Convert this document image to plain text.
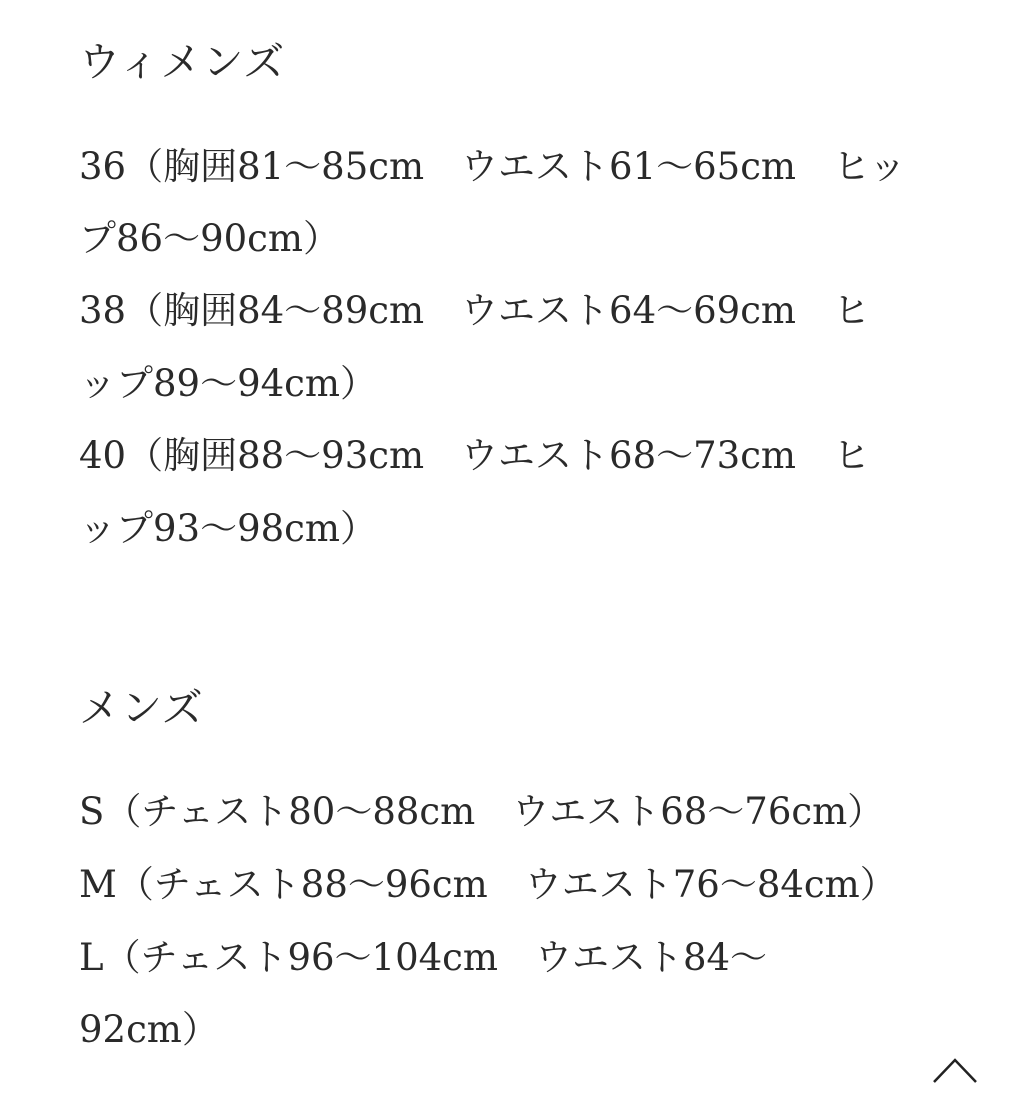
ウィメンズ
36（胸囲81〜85cm　ウエスト61〜65cm　ヒッ
プ86〜90cm）
38（胸囲84〜89cm　ウエスト64〜69cm　ヒ
ップ89〜94cm）
40（胸囲88〜93cm　ウエスト68〜73cm　ヒ
ップ93〜98cm）
メンズ
S（チェスト80〜88cm　ウエスト68〜76cm）
M（チェスト88〜96cm　ウエスト76〜84cm）
L（チェスト96〜104cm　ウエスト84〜
92cm）
